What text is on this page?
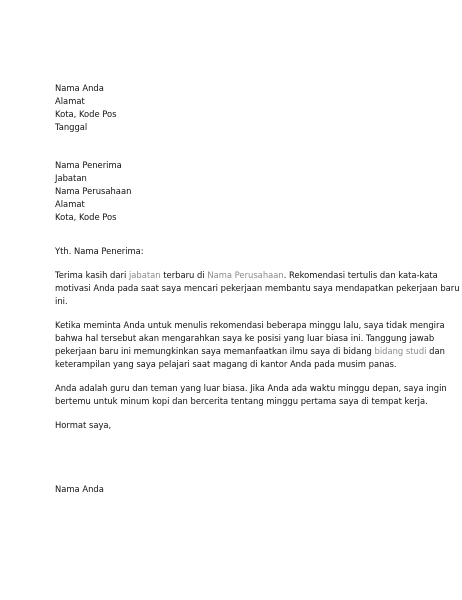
Nama Anda
Alamat
Kota, Kode Pos
Tanggal
Nama Penerima
Jabatan
Nama Perusahaan
Alamat
Kota, Kode Pos
Yth. Nama Penerima:

Terima kasih dari jabatan terbaru di Nama Perusahaan. Rekomendasi tertulis dan kata-kata
motivasi Anda pada saat saya mencari pekerjaan membantu saya mendapatkan pekerjaan baru
ini.

Ketika meminta Anda untuk menulis rekomendasi beberapa minggu lalu, saya tidak mengira
bahwa hal tersebut akan mengarahkan saya ke posisi yang luar biasa ini. Tanggung jawab
pekerjaan baru ini memungkinkan saya memanfaatkan ilmu saya di bidang bidang studi dan
keterampilan yang saya pelajari saat magang di kantor Anda pada musim panas.

Anda adalah guru dan teman yang luar biasa. Jika Anda ada waktu minggu depan, saya ingin
bertemu untuk minum kopi dan bercerita tentang minggu pertama saya di tempat kerja.

Hormat saya,
Nama Anda
